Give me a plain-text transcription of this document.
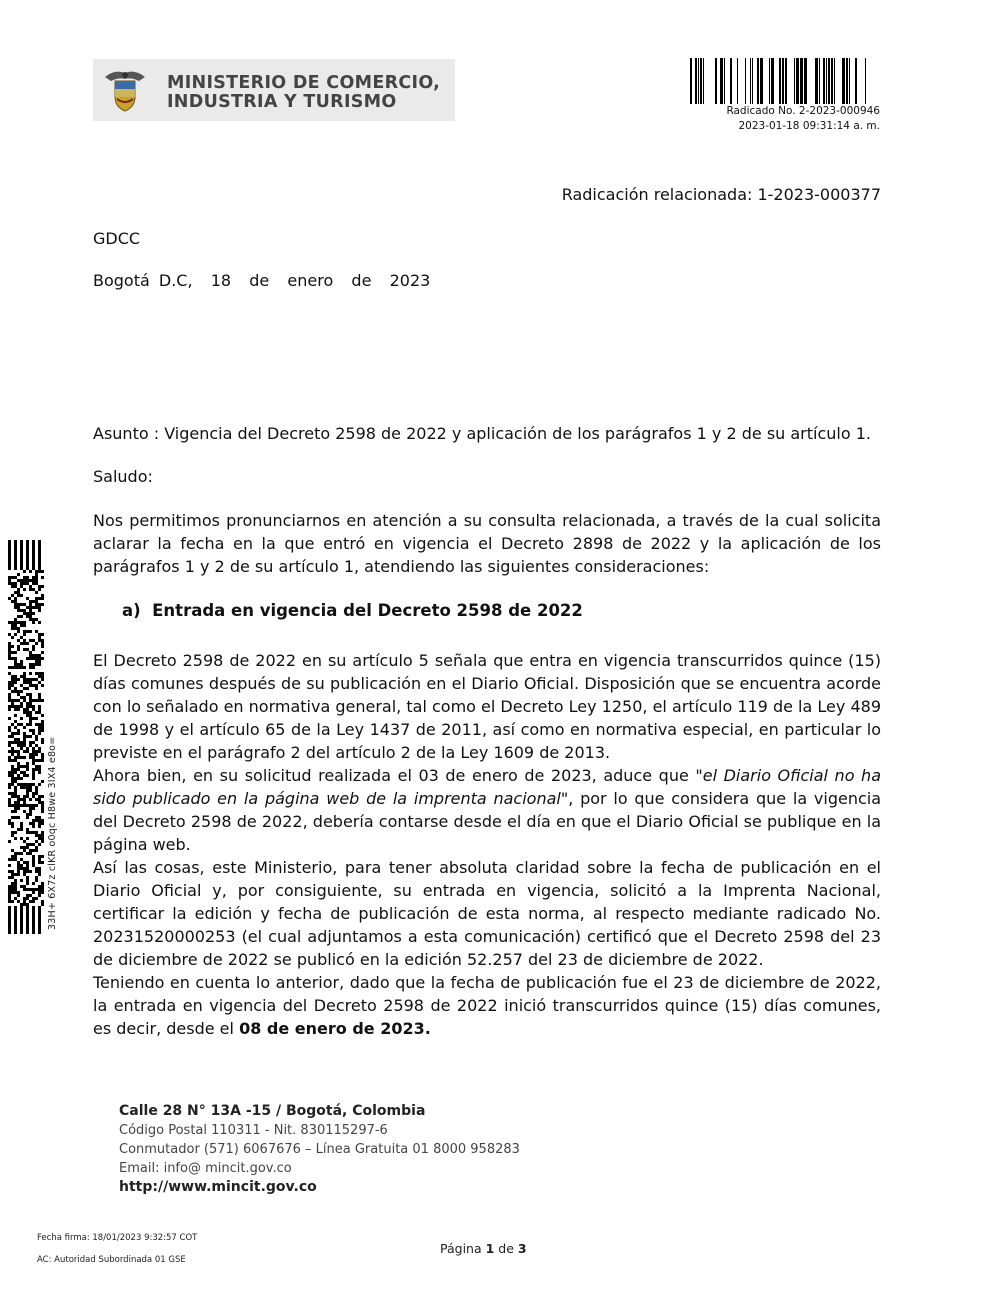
MINISTERIO DE COMERCIO,
INDUSTRIA Y TURISMO	Radicado No. 2-2023-000946
2023-01-18 09:31:14 a. m.
Radicación relacionada: 1-2023-000377
GDCC
Bogotá D.C,  18  de  enero  de  2023
Asunto : Vigencia del Decreto 2598 de 2022 y aplicación de los parágrafos 1 y 2 de su artículo 1.
Saludo:
Nos permitimos pronunciarnos en atención a su consulta relacionada, a través de la cual solicita aclarar la fecha en la que entró en vigencia el Decreto 2898 de 2022 y la aplicación de los parágrafos 1 y 2 de su artículo 1, atendiendo las siguientes consideraciones:
a)  Entrada en vigencia del Decreto 2598 de 2022
El Decreto 2598 de 2022 en su artículo 5 señala que entra en vigencia transcurridos quince (15) días comunes después de su publicación en el Diario Oficial. Disposición que se encuentra acorde con lo señalado en normativa general, tal como el Decreto Ley 1250, el artículo 119 de la Ley 489 de 1998 y el artículo 65 de la Ley 1437 de 2011, así como en normativa especial, en particular lo previste en el parágrafo 2 del artículo 2 de la Ley 1609 de 2013.
Ahora bien, en su solicitud realizada el 03 de enero de 2023, aduce que "el Diario Oficial no ha sido publicado en la página web de la imprenta nacional", por lo que considera que la vigencia del Decreto 2598 de 2022, debería contarse desde el día en que el Diario Oficial se publique en la página web.
Así las cosas, este Ministerio, para tener absoluta claridad sobre la fecha de publicación en el Diario Oficial y, por consiguiente, su entrada en vigencia, solicitó a la Imprenta Nacional, certificar la edición y fecha de publicación de esta norma, al respecto mediante radicado No. 20231520000253 (el cual adjuntamos a esta comunicación) certificó que el Decreto 2598 del 23 de diciembre de 2022 se publicó en la edición 52.257 del 23 de diciembre de 2022.
Teniendo en cuenta lo anterior, dado que la fecha de publicación fue el 23 de diciembre de 2022, la entrada en vigencia del Decreto 2598 de 2022 inició transcurridos quince (15) días comunes, es decir, desde el 08 de enero de 2023.
33H+ 6X7z clKR o0qc H8we 3IX4 e8o=
Calle 28 N° 13A -15 / Bogotá, Colombia
Código Postal 110311 - Nit. 830115297-6
Conmutador (571) 6067676 – Línea Gratuita 01 8000 958283
Email: info@ mincit.gov.co
http://www.mincit.gov.co
Fecha firma: 18/01/2023 9:32:57 COT
AC: Autoridad Subordinada 01 GSE
Página 1 de 3
